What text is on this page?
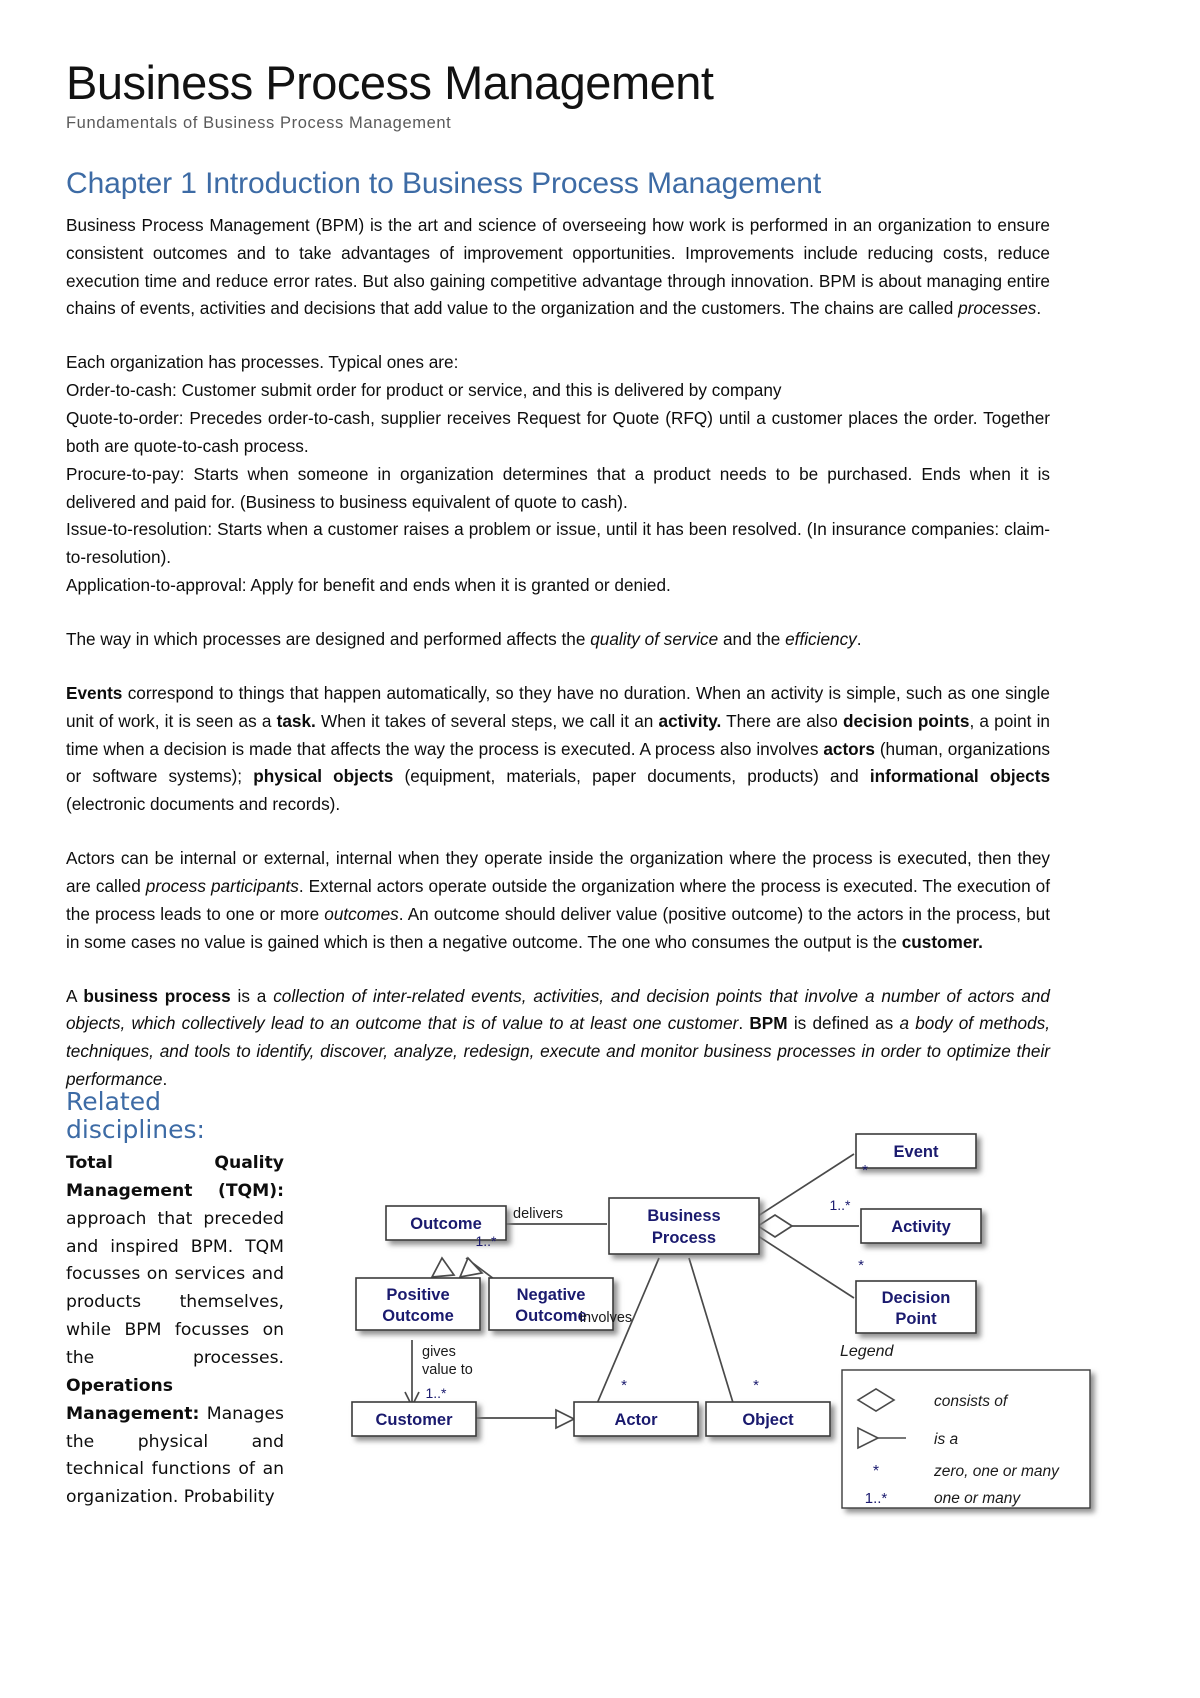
Business Process Management
Fundamentals of Business Process Management
Chapter 1 Introduction to Business Process Management

Business Process Management (BPM) is the art and science of overseeing how work is performed in an organization to ensure consistent outcomes and to take advantages of improvement opportunities. Improvements include reducing costs, reduce execution time and reduce error rates. But also gaining competitive advantage through innovation. BPM is about managing entire chains of events, activities and decisions that add value to the organization and the customers. The chains are called processes.

Each organization has processes. Typical ones are:

Order-to-cash: Customer submit order for product or service, and this is delivered by company

Quote-to-order: Precedes order-to-cash, supplier receives Request for Quote (RFQ) until a customer places the order. Together both are quote-to-cash process.

Procure-to-pay: Starts when someone in organization determines that a product needs to be purchased. Ends when it is delivered and paid for. (Business to business equivalent of quote to cash).

Issue-to-resolution: Starts when a customer raises a problem or issue, until it has been resolved. (In insurance companies: claim-to-resolution).

Application-to-approval: Apply for benefit and ends when it is granted or denied.

The way in which processes are designed and performed affects the quality of service and the efficiency.

Events correspond to things that happen automatically, so they have no duration. When an activity is simple, such as one single unit of work, it is seen as a task. When it takes of several steps, we call it an activity. There are also decision points, a point in time when a decision is made that affects the way the process is executed. A process also involves actors (human, organizations or software systems); physical objects (equipment, materials, paper documents, products) and informational objects (electronic documents and records).

Actors can be internal or external, internal when they operate inside the organization where the process is executed, then they are called process participants. External actors operate outside the organization where the process is executed. The execution of the process leads to one or more outcomes. An outcome should deliver value (positive outcome) to the actors in the process, but in some cases no value is gained which is then a negative outcome. The one who consumes the output is the customer.

A business process is a collection of inter-related events, activities, and decision points that involve a number of actors and objects, which collectively lead to an outcome that is of value to at least one customer. BPM is defined as a body of methods, techniques, and tools to identify, discover, analyze, redesign, execute and monitor business processes in order to optimize their performance.

Related disciplines:

Total Quality Management (TQM): approach that preceded and inspired BPM. TQM focusses on services and products themselves, while BPM focusses on the processes.

Operations Management: Manages the physical and technical functions of an organization. Probability

Outcome	Business
Process
Event
Activity
Decision
Point
Positive
Outcome
Negative
Outcome
Customer	Actor	Object
delivers
1..*
1..*
*
*
involves
*	*
gives
value to
1..*
Legend
consists of
is a
*	zero, one or many
1..*	one or many
